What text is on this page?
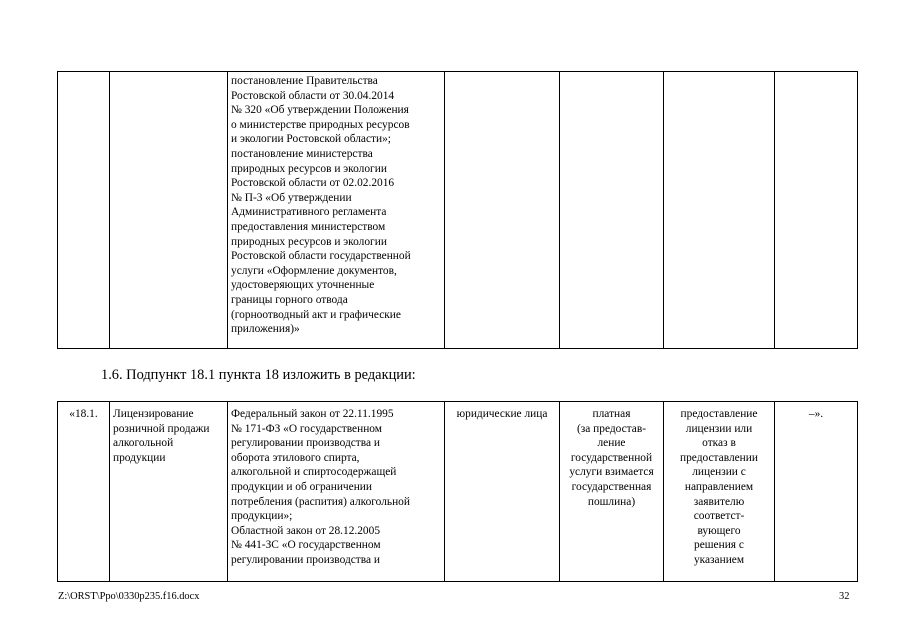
		постановление Правительства
Ростовской области от 30.04.2014
№ 320 «Об утверждении Положения
о министерстве природных ресурсов
и экологии Ростовской области»;
постановление министерства
природных ресурсов и экологии
Ростовской области от 02.02.2016
№ П-3 «Об утверждении
Административного регламента
предоставления министерством
природных ресурсов и экологии
Ростовской области государственной
услуги «Оформление документов,
удостоверяющих уточненные
границы горного отвода
(горноотводный акт и графические
приложения)»				
1.6. Подпункт 18.1 пункта 18 изложить в редакции:
«18.1.	Лицензирование
розничной продажи
алкогольной
продукции	Федеральный закон от 22.11.1995
№ 171-ФЗ «О государственном
регулировании производства и
оборота этилового спирта,
алкогольной и спиртосодержащей
продукции и об ограничении
потребления (распития) алкогольной
продукции»;
Областной закон от 28.12.2005
№ 441-ЗС «О государственном
регулировании производства и	юридические лица	платная
(за предостав-
ление
государственной
услуги взимается
государственная
пошлина)	предоставление
лицензии или
отказ в
предоставлении
лицензии с
направлением
заявителю
соответст-
вующего
решения с
указанием	–».
Z:\ORST\Ppo\0330p235.f16.docx	32
